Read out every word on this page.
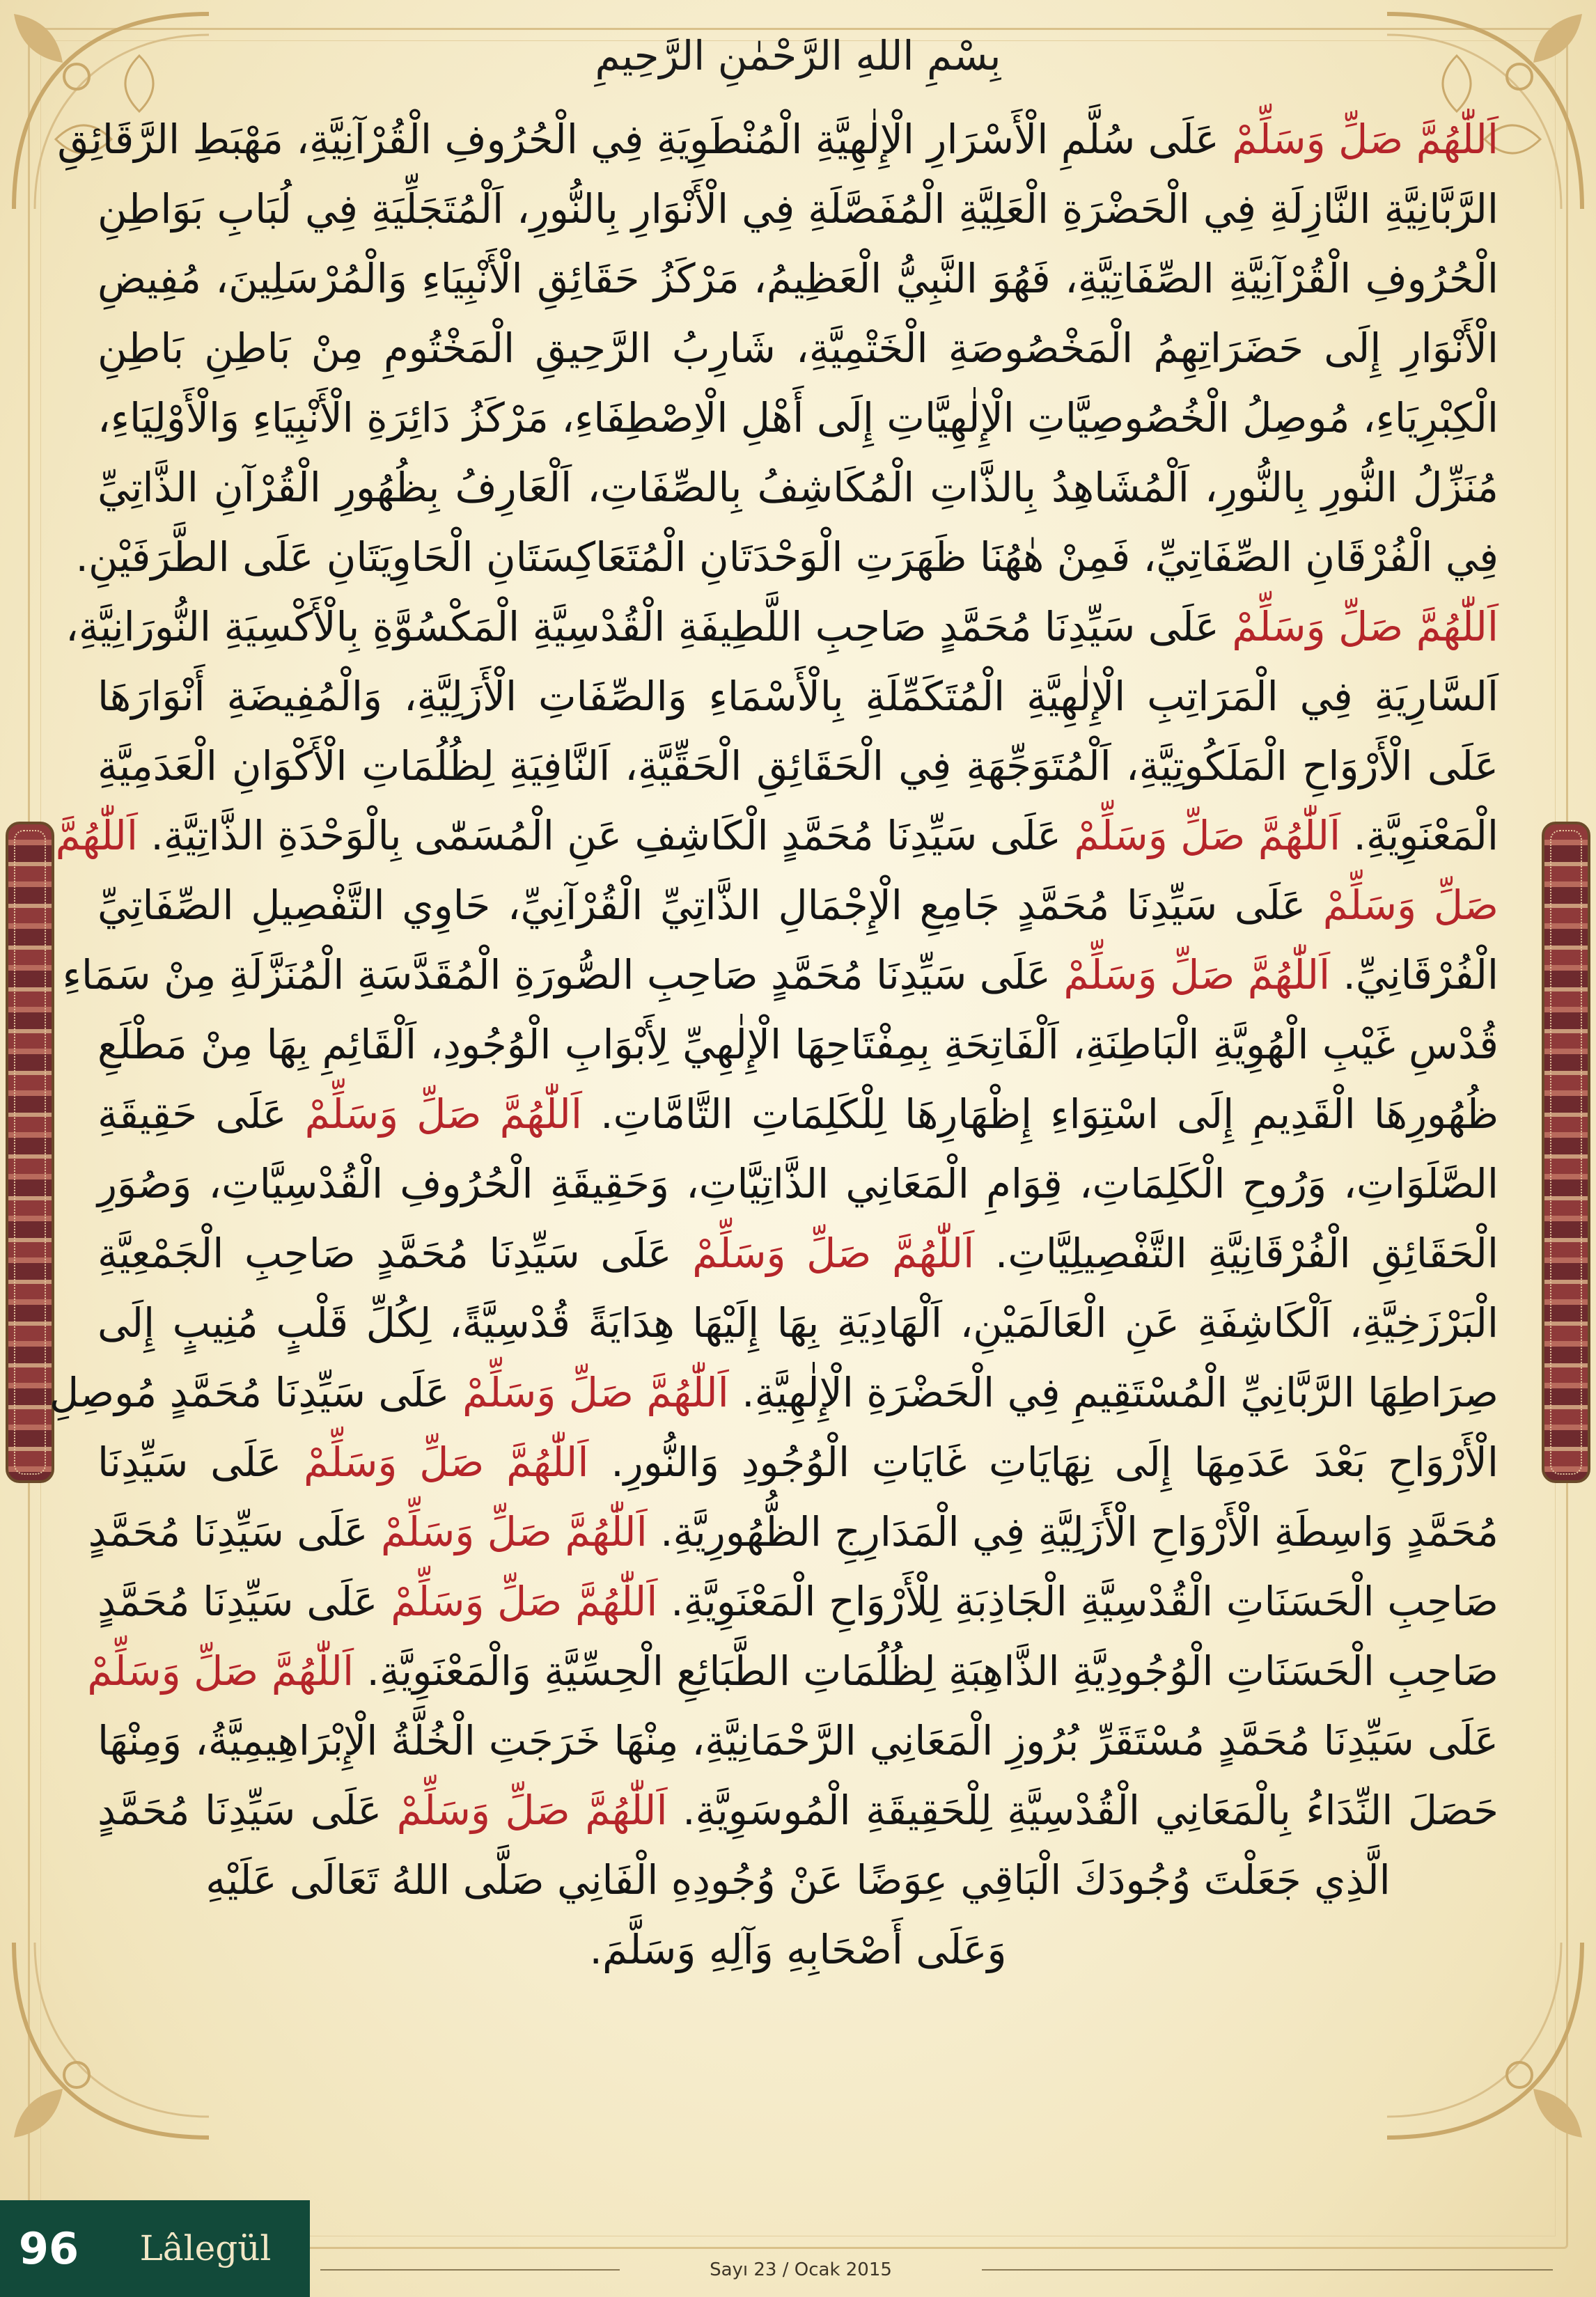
بِسْمِ اللهِ الرَّحْمٰنِ الرَّحِيمِ
اَللّٰهُمَّ صَلِّ وَسَلِّمْ عَلَى سُلَّمِ الْأَسْرَارِ الْإِلٰهِيَّةِ الْمُنْطَوِيَةِ فِي الْحُرُوفِ الْقُرْآنِيَّةِ، مَهْبَطِ الرَّقَائِقِ
الرَّبَّانِيَّةِ النَّازِلَةِ فِي الْحَضْرَةِ الْعَلِيَّةِ الْمُفَصَّلَةِ فِي الْأَنْوَارِ بِالنُّورِ، اَلْمُتَجَلِّيَةِ فِي لُبَابِ بَوَاطِنِ
الْحُرُوفِ الْقُرْآنِيَّةِ الصِّفَاتِيَّةِ، فَهُوَ النَّبِيُّ الْعَظِيمُ، مَرْكَزُ حَقَائِقِ الْأَنْبِيَاءِ وَالْمُرْسَلِينَ، مُفِيضِ
الْأَنْوَارِ إِلَى حَضَرَاتِهِمُ الْمَخْصُوصَةِ الْخَتْمِيَّةِ، شَارِبُ الرَّحِيقِ الْمَخْتُومِ مِنْ بَاطِنِ بَاطِنِ
الْكِبْرِيَاءِ، مُوصِلُ الْخُصُوصِيَّاتِ الْإِلٰهِيَّاتِ إِلَى أَهْلِ الْاِصْطِفَاءِ، مَرْكَزُ دَائِرَةِ الْأَنْبِيَاءِ وَالْأَوْلِيَاءِ،
مُنَزِّلُ النُّورِ بِالنُّورِ، اَلْمُشَاهِدُ بِالذَّاتِ الْمُكَاشِفُ بِالصِّفَاتِ، اَلْعَارِفُ بِظُهُورِ الْقُرْآنِ الذَّاتِيِّ
فِي الْفُرْقَانِ الصِّفَاتِيِّ، فَمِنْ هٰهُنَا ظَهَرَتِ الْوَحْدَتَانِ الْمُتَعَاكِسَتَانِ الْحَاوِيَتَانِ عَلَى الطَّرَفَيْنِ.
اَللّٰهُمَّ صَلِّ وَسَلِّمْ عَلَى سَيِّدِنَا مُحَمَّدٍ صَاحِبِ اللَّطِيفَةِ الْقُدْسِيَّةِ الْمَكْسُوَّةِ بِالْأَكْسِيَةِ النُّورَانِيَّةِ،
اَلسَّارِيَةِ فِي الْمَرَاتِبِ الْإِلٰهِيَّةِ الْمُتَكَمِّلَةِ بِالْأَسْمَاءِ وَالصِّفَاتِ الْأَزَلِيَّةِ، وَالْمُفِيضَةِ أَنْوَارَهَا
عَلَى الْأَرْوَاحِ الْمَلَكُوتِيَّةِ، اَلْمُتَوَجِّهَةِ فِي الْحَقَائِقِ الْحَقِّيَّةِ، اَلنَّافِيَةِ لِظُلُمَاتِ الْأَكْوَانِ الْعَدَمِيَّةِ
الْمَعْنَوِيَّةِ. اَللّٰهُمَّ صَلِّ وَسَلِّمْ عَلَى سَيِّدِنَا مُحَمَّدٍ الْكَاشِفِ عَنِ الْمُسَمّٰى بِالْوَحْدَةِ الذَّاتِيَّةِ. اَللّٰهُمَّ
صَلِّ وَسَلِّمْ عَلَى سَيِّدِنَا مُحَمَّدٍ جَامِعِ الْإِجْمَالِ الذَّاتِيِّ الْقُرْآنِيِّ، حَاوِي التَّفْصِيلِ الصِّفَاتِيِّ
الْفُرْقَانِيِّ. اَللّٰهُمَّ صَلِّ وَسَلِّمْ عَلَى سَيِّدِنَا مُحَمَّدٍ صَاحِبِ الصُّورَةِ الْمُقَدَّسَةِ الْمُنَزَّلَةِ مِنْ سَمَاءِ
قُدْسِ غَيْبِ الْهُوِيَّةِ الْبَاطِنَةِ، اَلْفَاتِحَةِ بِمِفْتَاحِهَا الْإِلٰهِيِّ لِأَبْوَابِ الْوُجُودِ، اَلْقَائِمِ بِهَا مِنْ مَطْلَعِ
ظُهُورِهَا الْقَدِيمِ إِلَى اسْتِوَاءِ إِظْهَارِهَا لِلْكَلِمَاتِ التَّامَّاتِ. اَللّٰهُمَّ صَلِّ وَسَلِّمْ عَلَى حَقِيقَةِ
الصَّلَوَاتِ، وَرُوحِ الْكَلِمَاتِ، قِوَامِ الْمَعَانِي الذَّاتِيَّاتِ، وَحَقِيقَةِ الْحُرُوفِ الْقُدْسِيَّاتِ، وَصُوَرِ
الْحَقَائِقِ الْفُرْقَانِيَّةِ التَّفْصِيلِيَّاتِ. اَللّٰهُمَّ صَلِّ وَسَلِّمْ عَلَى سَيِّدِنَا مُحَمَّدٍ صَاحِبِ الْجَمْعِيَّةِ
الْبَرْزَخِيَّةِ، اَلْكَاشِفَةِ عَنِ الْعَالَمَيْنِ، اَلْهَادِيَةِ بِهَا إِلَيْهَا هِدَايَةً قُدْسِيَّةً، لِكُلِّ قَلْبٍ مُنِيبٍ إِلَى
صِرَاطِهَا الرَّبَّانِيِّ الْمُسْتَقِيمِ فِي الْحَضْرَةِ الْإِلٰهِيَّةِ. اَللّٰهُمَّ صَلِّ وَسَلِّمْ عَلَى سَيِّدِنَا مُحَمَّدٍ مُوصِلِ
الْأَرْوَاحِ بَعْدَ عَدَمِهَا إِلَى نِهَايَاتِ غَايَاتِ الْوُجُودِ وَالنُّورِ. اَللّٰهُمَّ صَلِّ وَسَلِّمْ عَلَى سَيِّدِنَا
مُحَمَّدٍ وَاسِطَةِ الْأَرْوَاحِ الْأَزَلِيَّةِ فِي الْمَدَارِجِ الظُّهُورِيَّةِ. اَللّٰهُمَّ صَلِّ وَسَلِّمْ عَلَى سَيِّدِنَا مُحَمَّدٍ
صَاحِبِ الْحَسَنَاتِ الْقُدْسِيَّةِ الْجَاذِبَةِ لِلْأَرْوَاحِ الْمَعْنَوِيَّةِ. اَللّٰهُمَّ صَلِّ وَسَلِّمْ عَلَى سَيِّدِنَا مُحَمَّدٍ
صَاحِبِ الْحَسَنَاتِ الْوُجُودِيَّةِ الذَّاهِبَةِ لِظُلُمَاتِ الطَّبَائِعِ الْحِسِّيَّةِ وَالْمَعْنَوِيَّةِ. اَللّٰهُمَّ صَلِّ وَسَلِّمْ
عَلَى سَيِّدِنَا مُحَمَّدٍ مُسْتَقَرِّ بُرُوزِ الْمَعَانِي الرَّحْمَانِيَّةِ، مِنْهَا خَرَجَتِ الْخُلَّةُ الْإِبْرَاهِيمِيَّةُ، وَمِنْهَا
حَصَلَ النِّدَاءُ بِالْمَعَانِي الْقُدْسِيَّةِ لِلْحَقِيقَةِ الْمُوسَوِيَّةِ. اَللّٰهُمَّ صَلِّ وَسَلِّمْ عَلَى سَيِّدِنَا مُحَمَّدٍ
الَّذِي جَعَلْتَ وُجُودَكَ الْبَاقِي عِوَضًا عَنْ وُجُودِهِ الْفَانِي صَلَّى اللهُ تَعَالَى عَلَيْهِ
وَعَلَى أَصْحَابِهِ وَآلِهِ وَسَلَّمَ.
96	Lâlegül
Sayı 23 / Ocak 2015
